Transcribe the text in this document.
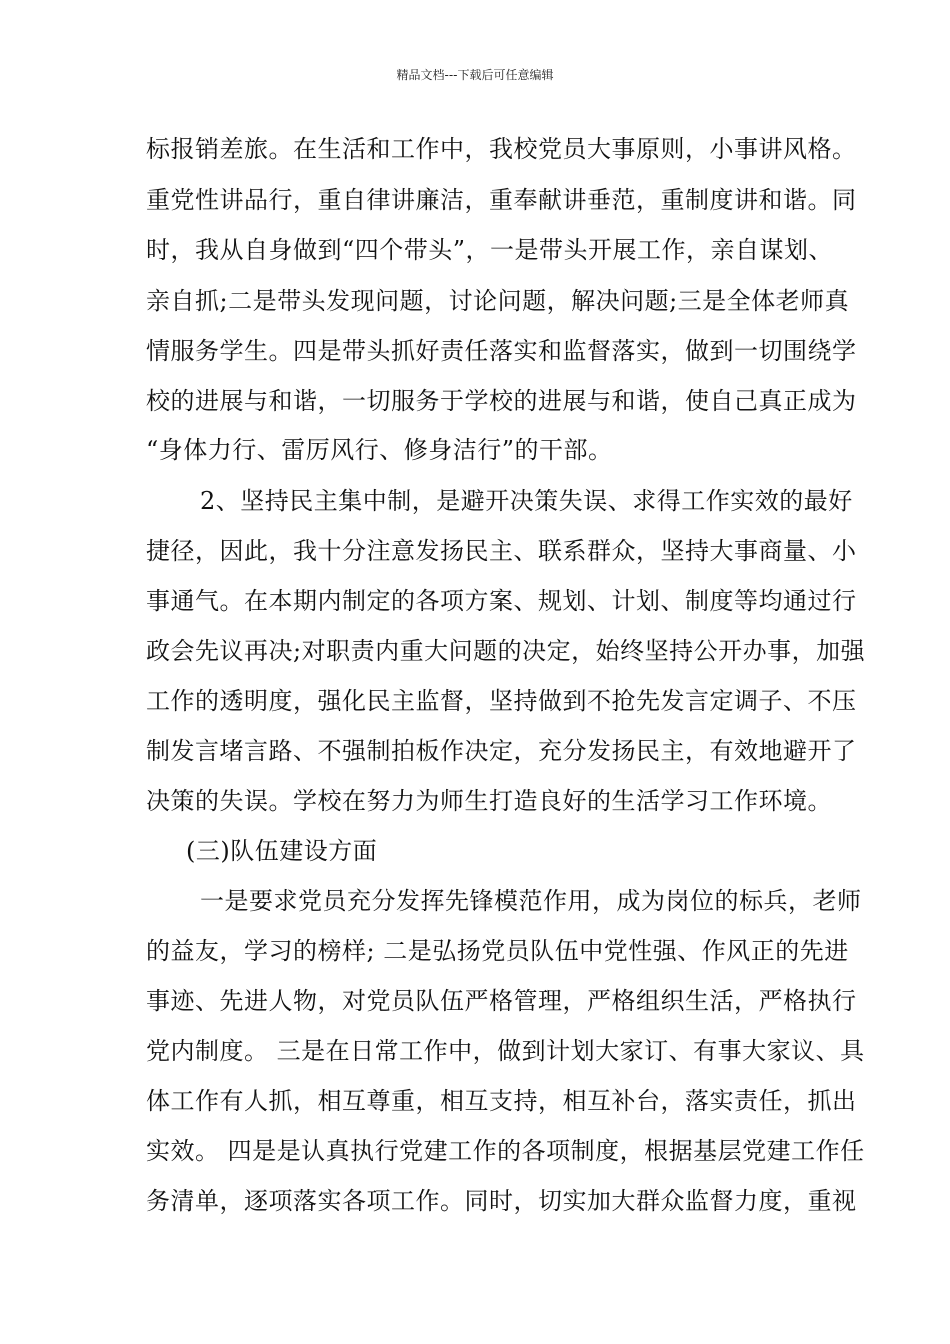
精品文档---下载后可任意编辑
标报销差旅。在生活和工作中，我校党员大事原则，小事讲风格。
重党性讲品行，重自律讲廉洁，重奉献讲垂范，重制度讲和谐。同
时，我从自身做到“四个带头”，一是带头开展工作，亲自谋划、
亲自抓;二是带头发现问题，讨论问题，解决问题;三是全体老师真
情服务学生。四是带头抓好责任落实和监督落实，做到一切围绕学
校的进展与和谐，一切服务于学校的进展与和谐，使自己真正成为
“身体力行、雷厉风行、修身洁行”的干部。
2、坚持民主集中制，是避开决策失误、求得工作实效的最好
捷径，因此，我十分注意发扬民主、联系群众，坚持大事商量、小
事通气。在本期内制定的各项方案、规划、计划、制度等均通过行
政会先议再决;对职责内重大问题的决定，始终坚持公开办事，加强
工作的透明度，强化民主监督，坚持做到不抢先发言定调子、不压
制发言堵言路、不强制拍板作决定，充分发扬民主，有效地避开了
决策的失误。学校在努力为师生打造良好的生活学习工作环境。
(三)队伍建设方面
一是要求党员充分发挥先锋模范作用，成为岗位的标兵，老师
的益友，学习的榜样; 二是弘扬党员队伍中党性强、作风正的先进
事迹、先进人物，对党员队伍严格管理，严格组织生活，严格执行
党内制度。 三是在日常工作中，做到计划大家订、有事大家议、具
体工作有人抓，相互尊重，相互支持，相互补台，落实责任，抓出
实效。 四是是认真执行党建工作的各项制度，根据基层党建工作任
务清单，逐项落实各项工作。同时，切实加大群众监督力度，重视
